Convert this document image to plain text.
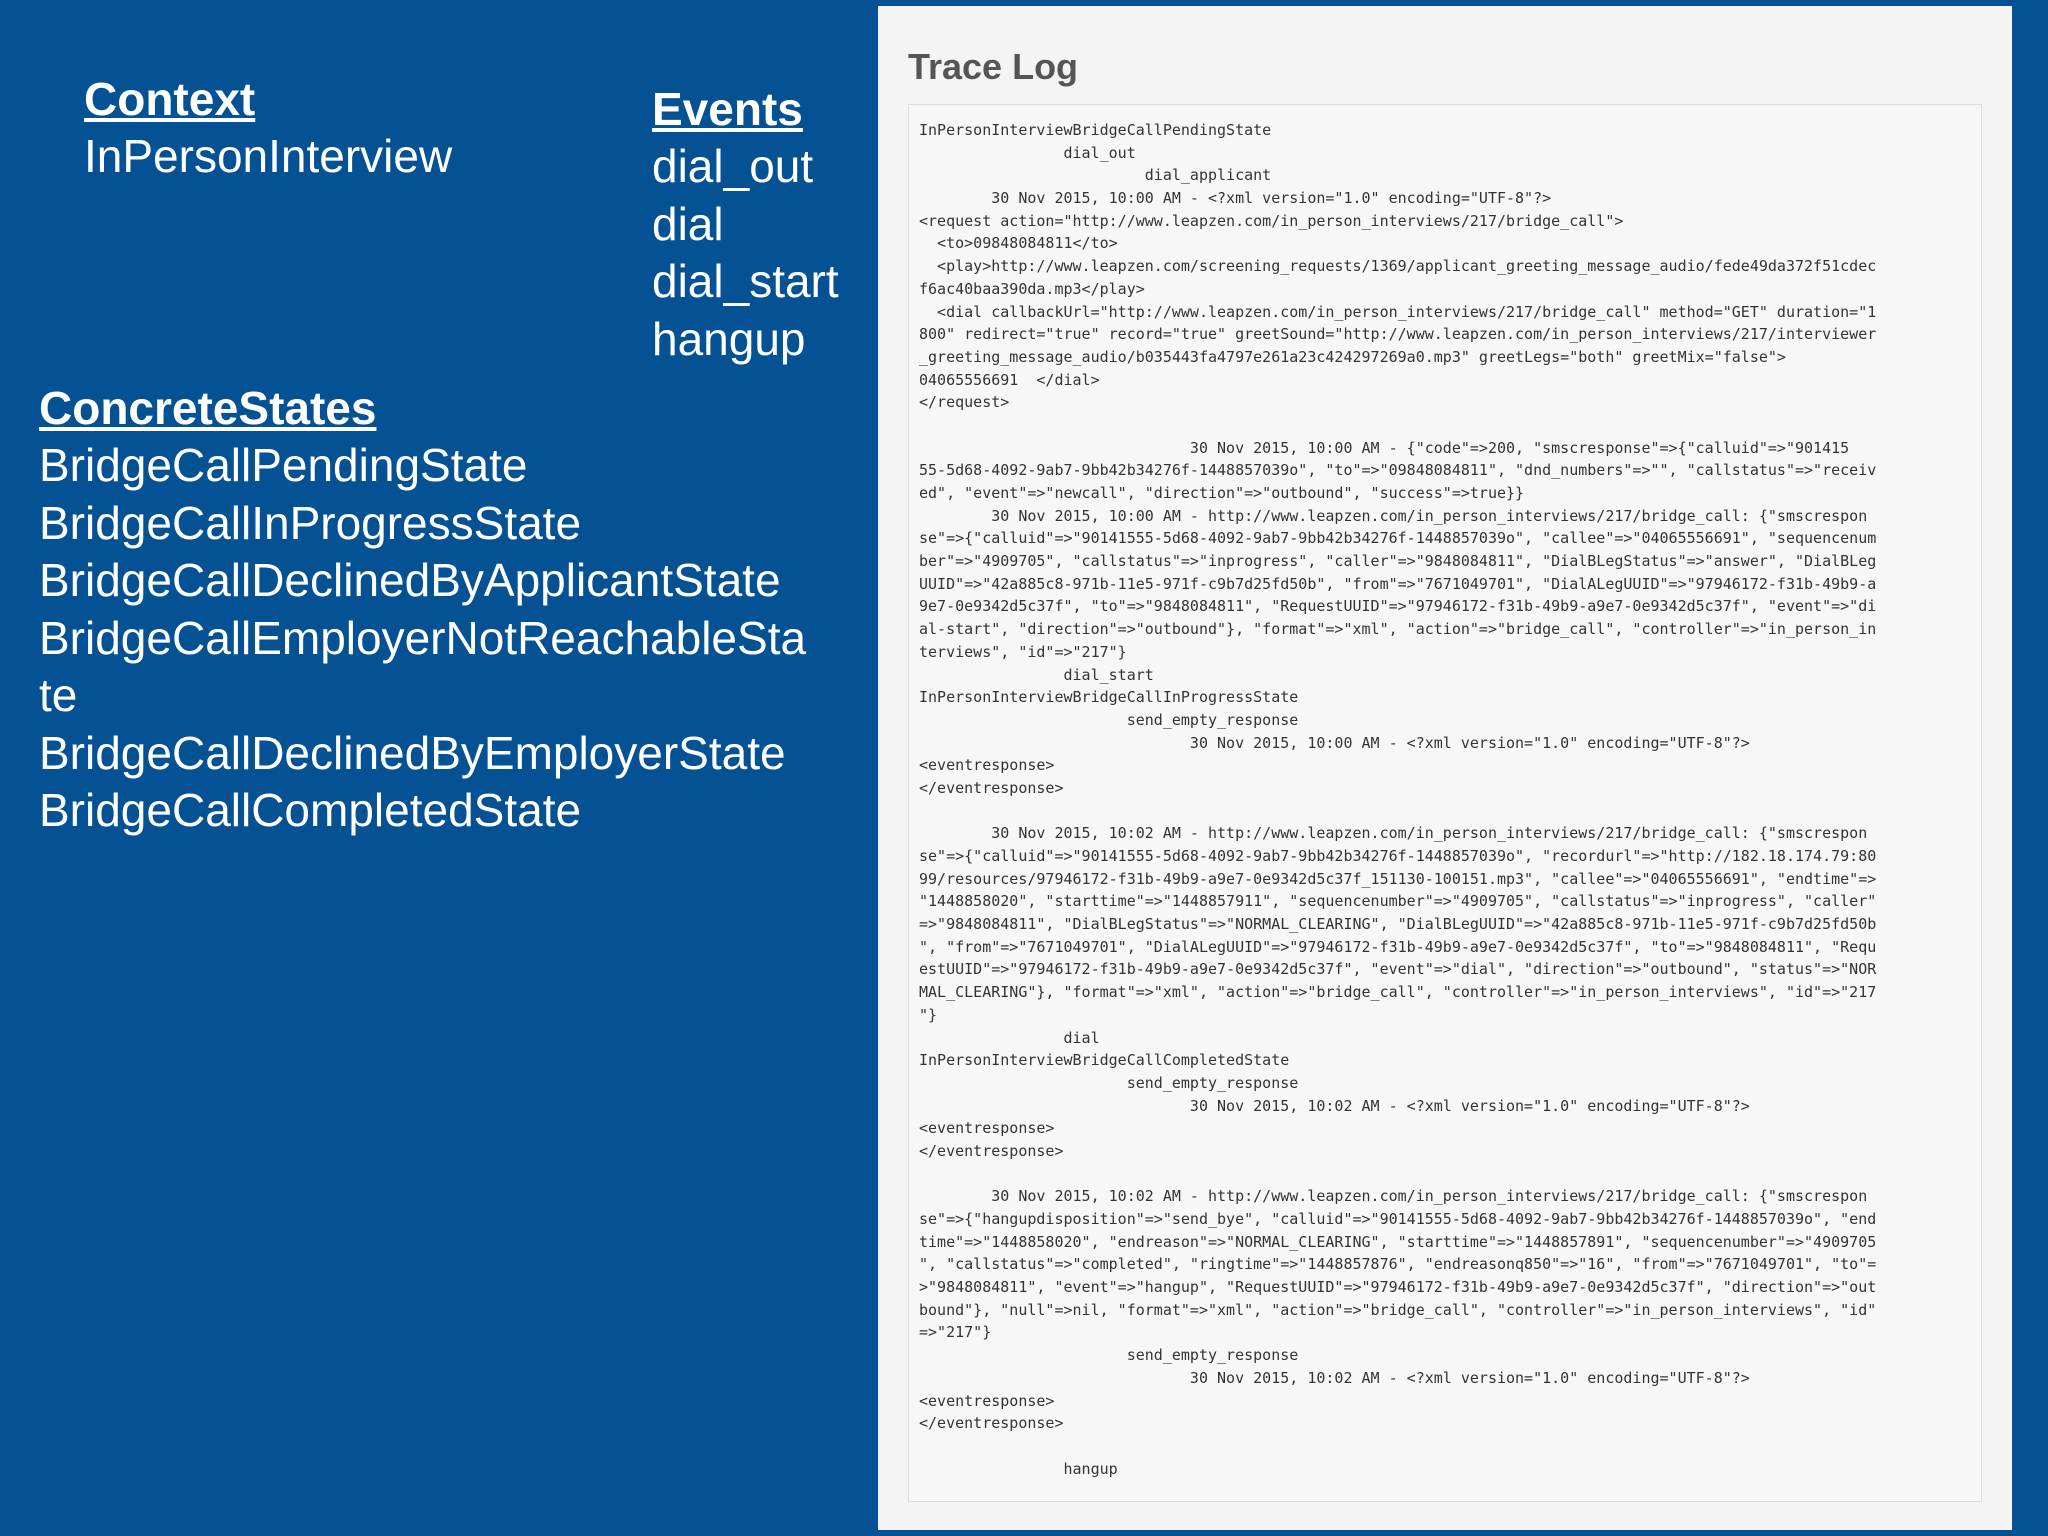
Context

InPersonInterview

Events

dial_out

dial

dial_start

hangup

ConcreteStates

BridgeCallPendingState

BridgeCallInProgressState

BridgeCallDeclinedByApplicantState

BridgeCallEmployerNotReachableSta

te

BridgeCallDeclinedByEmployerState

BridgeCallCompletedState

Trace Log
InPersonInterviewBridgeCallPendingState
dial_out
dial_applicant
30 Nov 2015, 10:00 AM - <?xml version="1.0" encoding="UTF-8"?>
<request action="http://www.leapzen.com/in_person_interviews/217/bridge_call">
<to>09848084811</to>
<play>http://www.leapzen.com/screening_requests/1369/applicant_greeting_message_audio/fede49da372f51cdec
f6ac40baa390da.mp3</play>
<dial callbackUrl="http://www.leapzen.com/in_person_interviews/217/bridge_call" method="GET" duration="1
800" redirect="true" record="true" greetSound="http://www.leapzen.com/in_person_interviews/217/interviewer
_greeting_message_audio/b035443fa4797e261a23c424297269a0.mp3" greetLegs="both" greetMix="false">
04065556691  </dial>
</request>
30 Nov 2015, 10:00 AM - {"code"=>200, "smscresponse"=>{"calluid"=>"901415
55-5d68-4092-9ab7-9bb42b34276f-1448857039o", "to"=>"09848084811", "dnd_numbers"=>"", "callstatus"=>"receiv
ed", "event"=>"newcall", "direction"=>"outbound", "success"=>true}}
30 Nov 2015, 10:00 AM - http://www.leapzen.com/in_person_interviews/217/bridge_call: {"smscrespon
se"=>{"calluid"=>"90141555-5d68-4092-9ab7-9bb42b34276f-1448857039o", "callee"=>"04065556691", "sequencenum
ber"=>"4909705", "callstatus"=>"inprogress", "caller"=>"9848084811", "DialBLegStatus"=>"answer", "DialBLeg
UUID"=>"42a885c8-971b-11e5-971f-c9b7d25fd50b", "from"=>"7671049701", "DialALegUUID"=>"97946172-f31b-49b9-a
9e7-0e9342d5c37f", "to"=>"9848084811", "RequestUUID"=>"97946172-f31b-49b9-a9e7-0e9342d5c37f", "event"=>"di
al-start", "direction"=>"outbound"}, "format"=>"xml", "action"=>"bridge_call", "controller"=>"in_person_in
terviews", "id"=>"217"}
dial_start
InPersonInterviewBridgeCallInProgressState
send_empty_response
30 Nov 2015, 10:00 AM - <?xml version="1.0" encoding="UTF-8"?>
<eventresponse>
</eventresponse>
30 Nov 2015, 10:02 AM - http://www.leapzen.com/in_person_interviews/217/bridge_call: {"smscrespon
se"=>{"calluid"=>"90141555-5d68-4092-9ab7-9bb42b34276f-1448857039o", "recordurl"=>"http://182.18.174.79:80
99/resources/97946172-f31b-49b9-a9e7-0e9342d5c37f_151130-100151.mp3", "callee"=>"04065556691", "endtime"=>
"1448858020", "starttime"=>"1448857911", "sequencenumber"=>"4909705", "callstatus"=>"inprogress", "caller"
=>"9848084811", "DialBLegStatus"=>"NORMAL_CLEARING", "DialBLegUUID"=>"42a885c8-971b-11e5-971f-c9b7d25fd50b
", "from"=>"7671049701", "DialALegUUID"=>"97946172-f31b-49b9-a9e7-0e9342d5c37f", "to"=>"9848084811", "Requ
estUUID"=>"97946172-f31b-49b9-a9e7-0e9342d5c37f", "event"=>"dial", "direction"=>"outbound", "status"=>"NOR
MAL_CLEARING"}, "format"=>"xml", "action"=>"bridge_call", "controller"=>"in_person_interviews", "id"=>"217
"}
dial
InPersonInterviewBridgeCallCompletedState
send_empty_response
30 Nov 2015, 10:02 AM - <?xml version="1.0" encoding="UTF-8"?>
<eventresponse>
</eventresponse>
30 Nov 2015, 10:02 AM - http://www.leapzen.com/in_person_interviews/217/bridge_call: {"smscrespon
se"=>{"hangupdisposition"=>"send_bye", "calluid"=>"90141555-5d68-4092-9ab7-9bb42b34276f-1448857039o", "end
time"=>"1448858020", "endreason"=>"NORMAL_CLEARING", "starttime"=>"1448857891", "sequencenumber"=>"4909705
", "callstatus"=>"completed", "ringtime"=>"1448857876", "endreasonq850"=>"16", "from"=>"7671049701", "to"=
>"9848084811", "event"=>"hangup", "RequestUUID"=>"97946172-f31b-49b9-a9e7-0e9342d5c37f", "direction"=>"out
bound"}, "null"=>nil, "format"=>"xml", "action"=>"bridge_call", "controller"=>"in_person_interviews", "id"
=>"217"}
send_empty_response
30 Nov 2015, 10:02 AM - <?xml version="1.0" encoding="UTF-8"?>
<eventresponse>
</eventresponse>
hangup
